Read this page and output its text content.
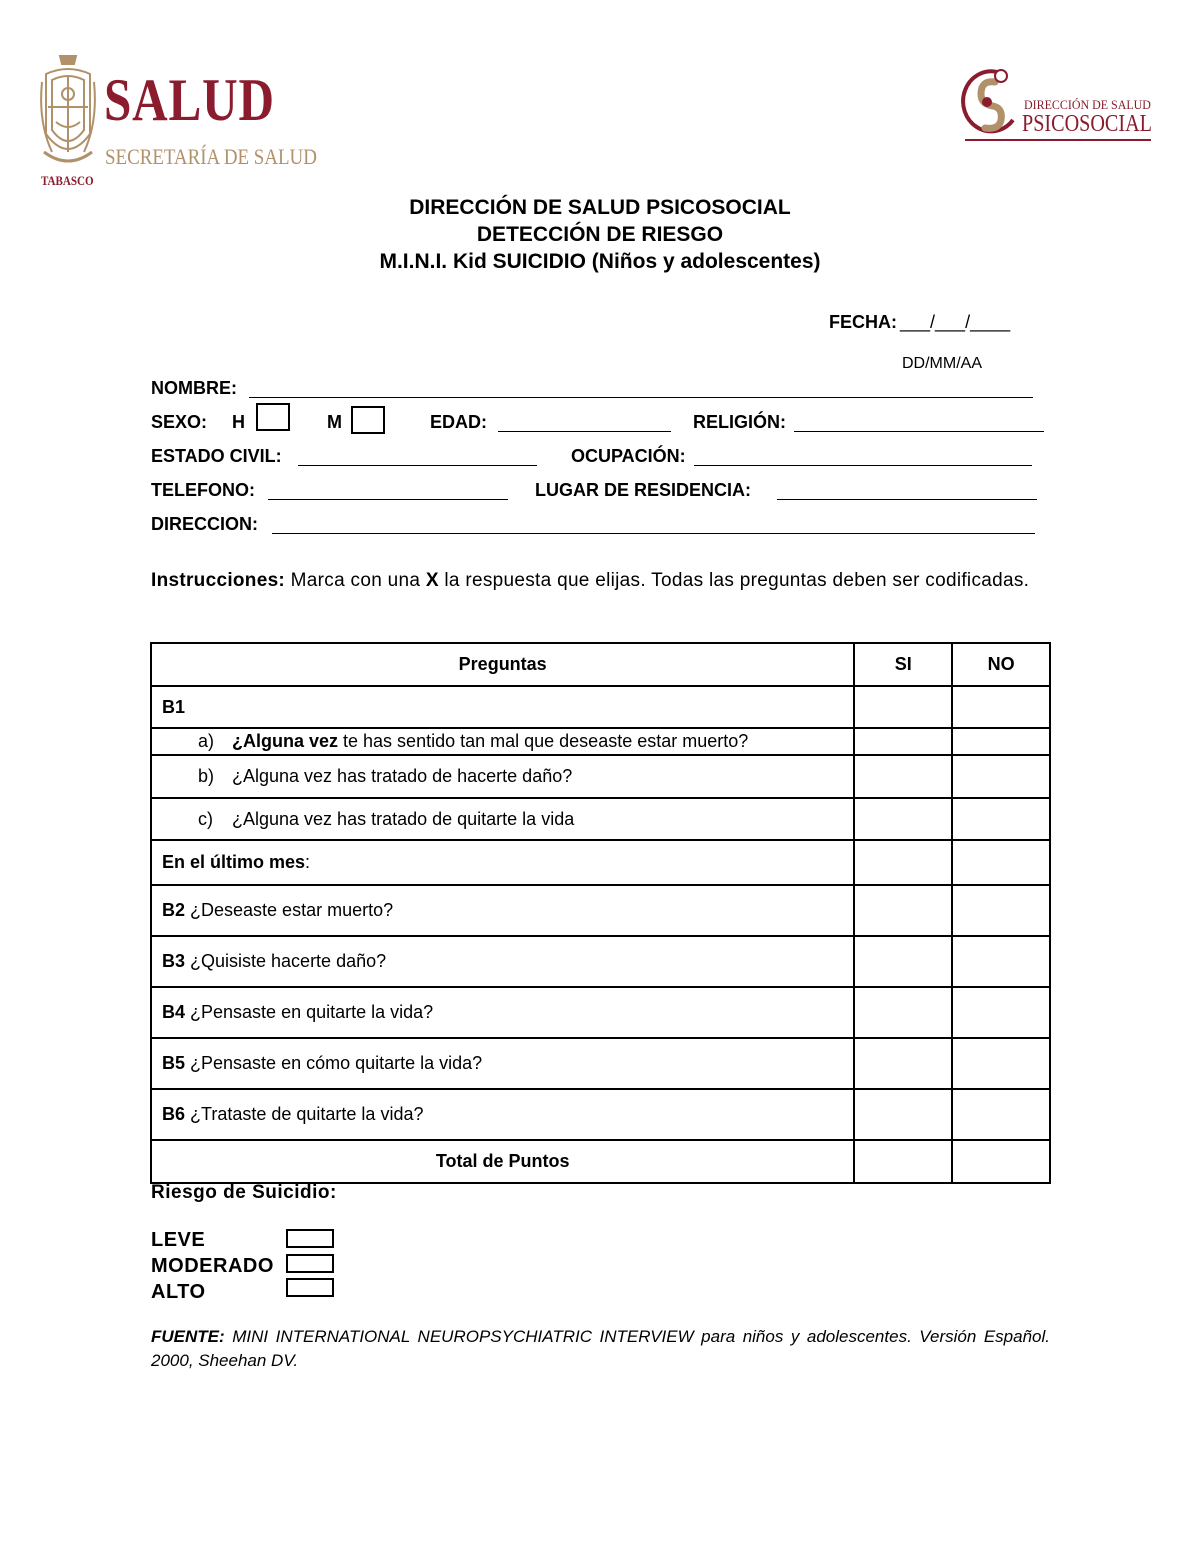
SALUD
SECRETARÍA DE SALUD
TABASCO
DIRECCIÓN DE SALUD
PSICOSOCIAL
DIRECCIÓN DE SALUD PSICOSOCIAL
DETECCIÓN DE RIESGO
M.I.N.I. Kid SUICIDIO (Niños y adolescentes)
FECHA: ___/___/____
DD/MM/AA
NOMBRE:
SEXO: H	M	EDAD:	RELIGIÓN:
ESTADO CIVIL:	OCUPACIÓN:
TELEFONO:	LUGAR DE RESIDENCIA:
DIRECCION:
Instrucciones: Marca con una X la respuesta que elijas. Todas las preguntas deben ser codificadas.
Preguntas	SI	NO
B1		
a) ¿Alguna vez te has sentido tan mal que deseaste estar muerto?		
b) ¿Alguna vez has tratado de hacerte daño?		
c) ¿Alguna vez has tratado de quitarte la vida		
En el último mes:		
B2 ¿Deseaste estar muerto?		
B3 ¿Quisiste hacerte daño?		
B4 ¿Pensaste en quitarte la vida?		
B5 ¿Pensaste en cómo quitarte la vida?		
B6 ¿Trataste de quitarte la vida?		
Total de Puntos		
Riesgo de Suicidio:
LEVE
MODERADO
ALTO
FUENTE: MINI INTERNATIONAL NEUROPSYCHIATRIC INTERVIEW para niños y adolescentes. Versión Español. 2000, Sheehan DV.
